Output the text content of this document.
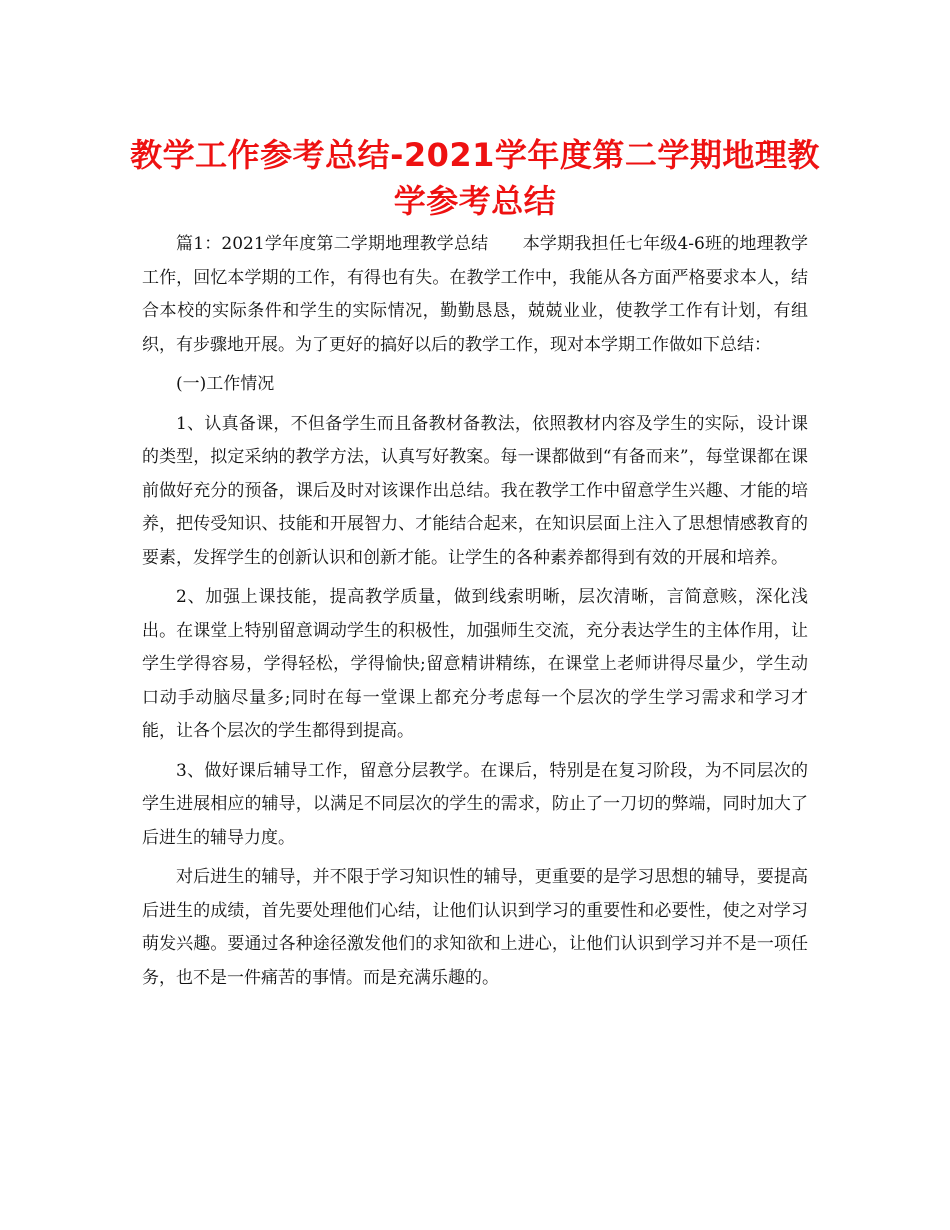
教学工作参考总结-2021学年度第二学期地理教学参考总结

篇1：2021学年度第二学期地理教学总结　　本学期我担任七年级4-6班的地理教学工作，回忆本学期的工作，有得也有失。在教学工作中，我能从各方面严格要求本人，结合本校的实际条件和学生的实际情况，勤勤恳恳，兢兢业业，使教学工作有计划，有组织，有步骤地开展。为了更好的搞好以后的教学工作，现对本学期工作做如下总结：

(一)工作情况

1、认真备课，不但备学生而且备教材备教法，依照教材内容及学生的实际，设计课的类型，拟定采纳的教学方法，认真写好教案。每一课都做到“有备而来”，每堂课都在课前做好充分的预备，课后及时对该课作出总结。我在教学工作中留意学生兴趣、才能的培养，把传受知识、技能和开展智力、才能结合起来，在知识层面上注入了思想情感教育的要素，发挥学生的创新认识和创新才能。让学生的各种素养都得到有效的开展和培养。

2、加强上课技能，提高教学质量，做到线索明晰，层次清晰，言简意赅，深化浅出。在课堂上特别留意调动学生的积极性，加强师生交流，充分表达学生的主体作用，让学生学得容易，学得轻松，学得愉快;留意精讲精练，在课堂上老师讲得尽量少，学生动口动手动脑尽量多;同时在每一堂课上都充分考虑每一个层次的学生学习需求和学习才能，让各个层次的学生都得到提高。

3、做好课后辅导工作，留意分层教学。在课后，特别是在复习阶段，为不同层次的学生进展相应的辅导，以满足不同层次的学生的需求，防止了一刀切的弊端，同时加大了后进生的辅导力度。

对后进生的辅导，并不限于学习知识性的辅导，更重要的是学习思想的辅导，要提高后进生的成绩，首先要处理他们心结，让他们认识到学习的重要性和必要性，使之对学习萌发兴趣。要通过各种途径激发他们的求知欲和上进心，让他们认识到学习并不是一项任务，也不是一件痛苦的事情。而是充满乐趣的。
